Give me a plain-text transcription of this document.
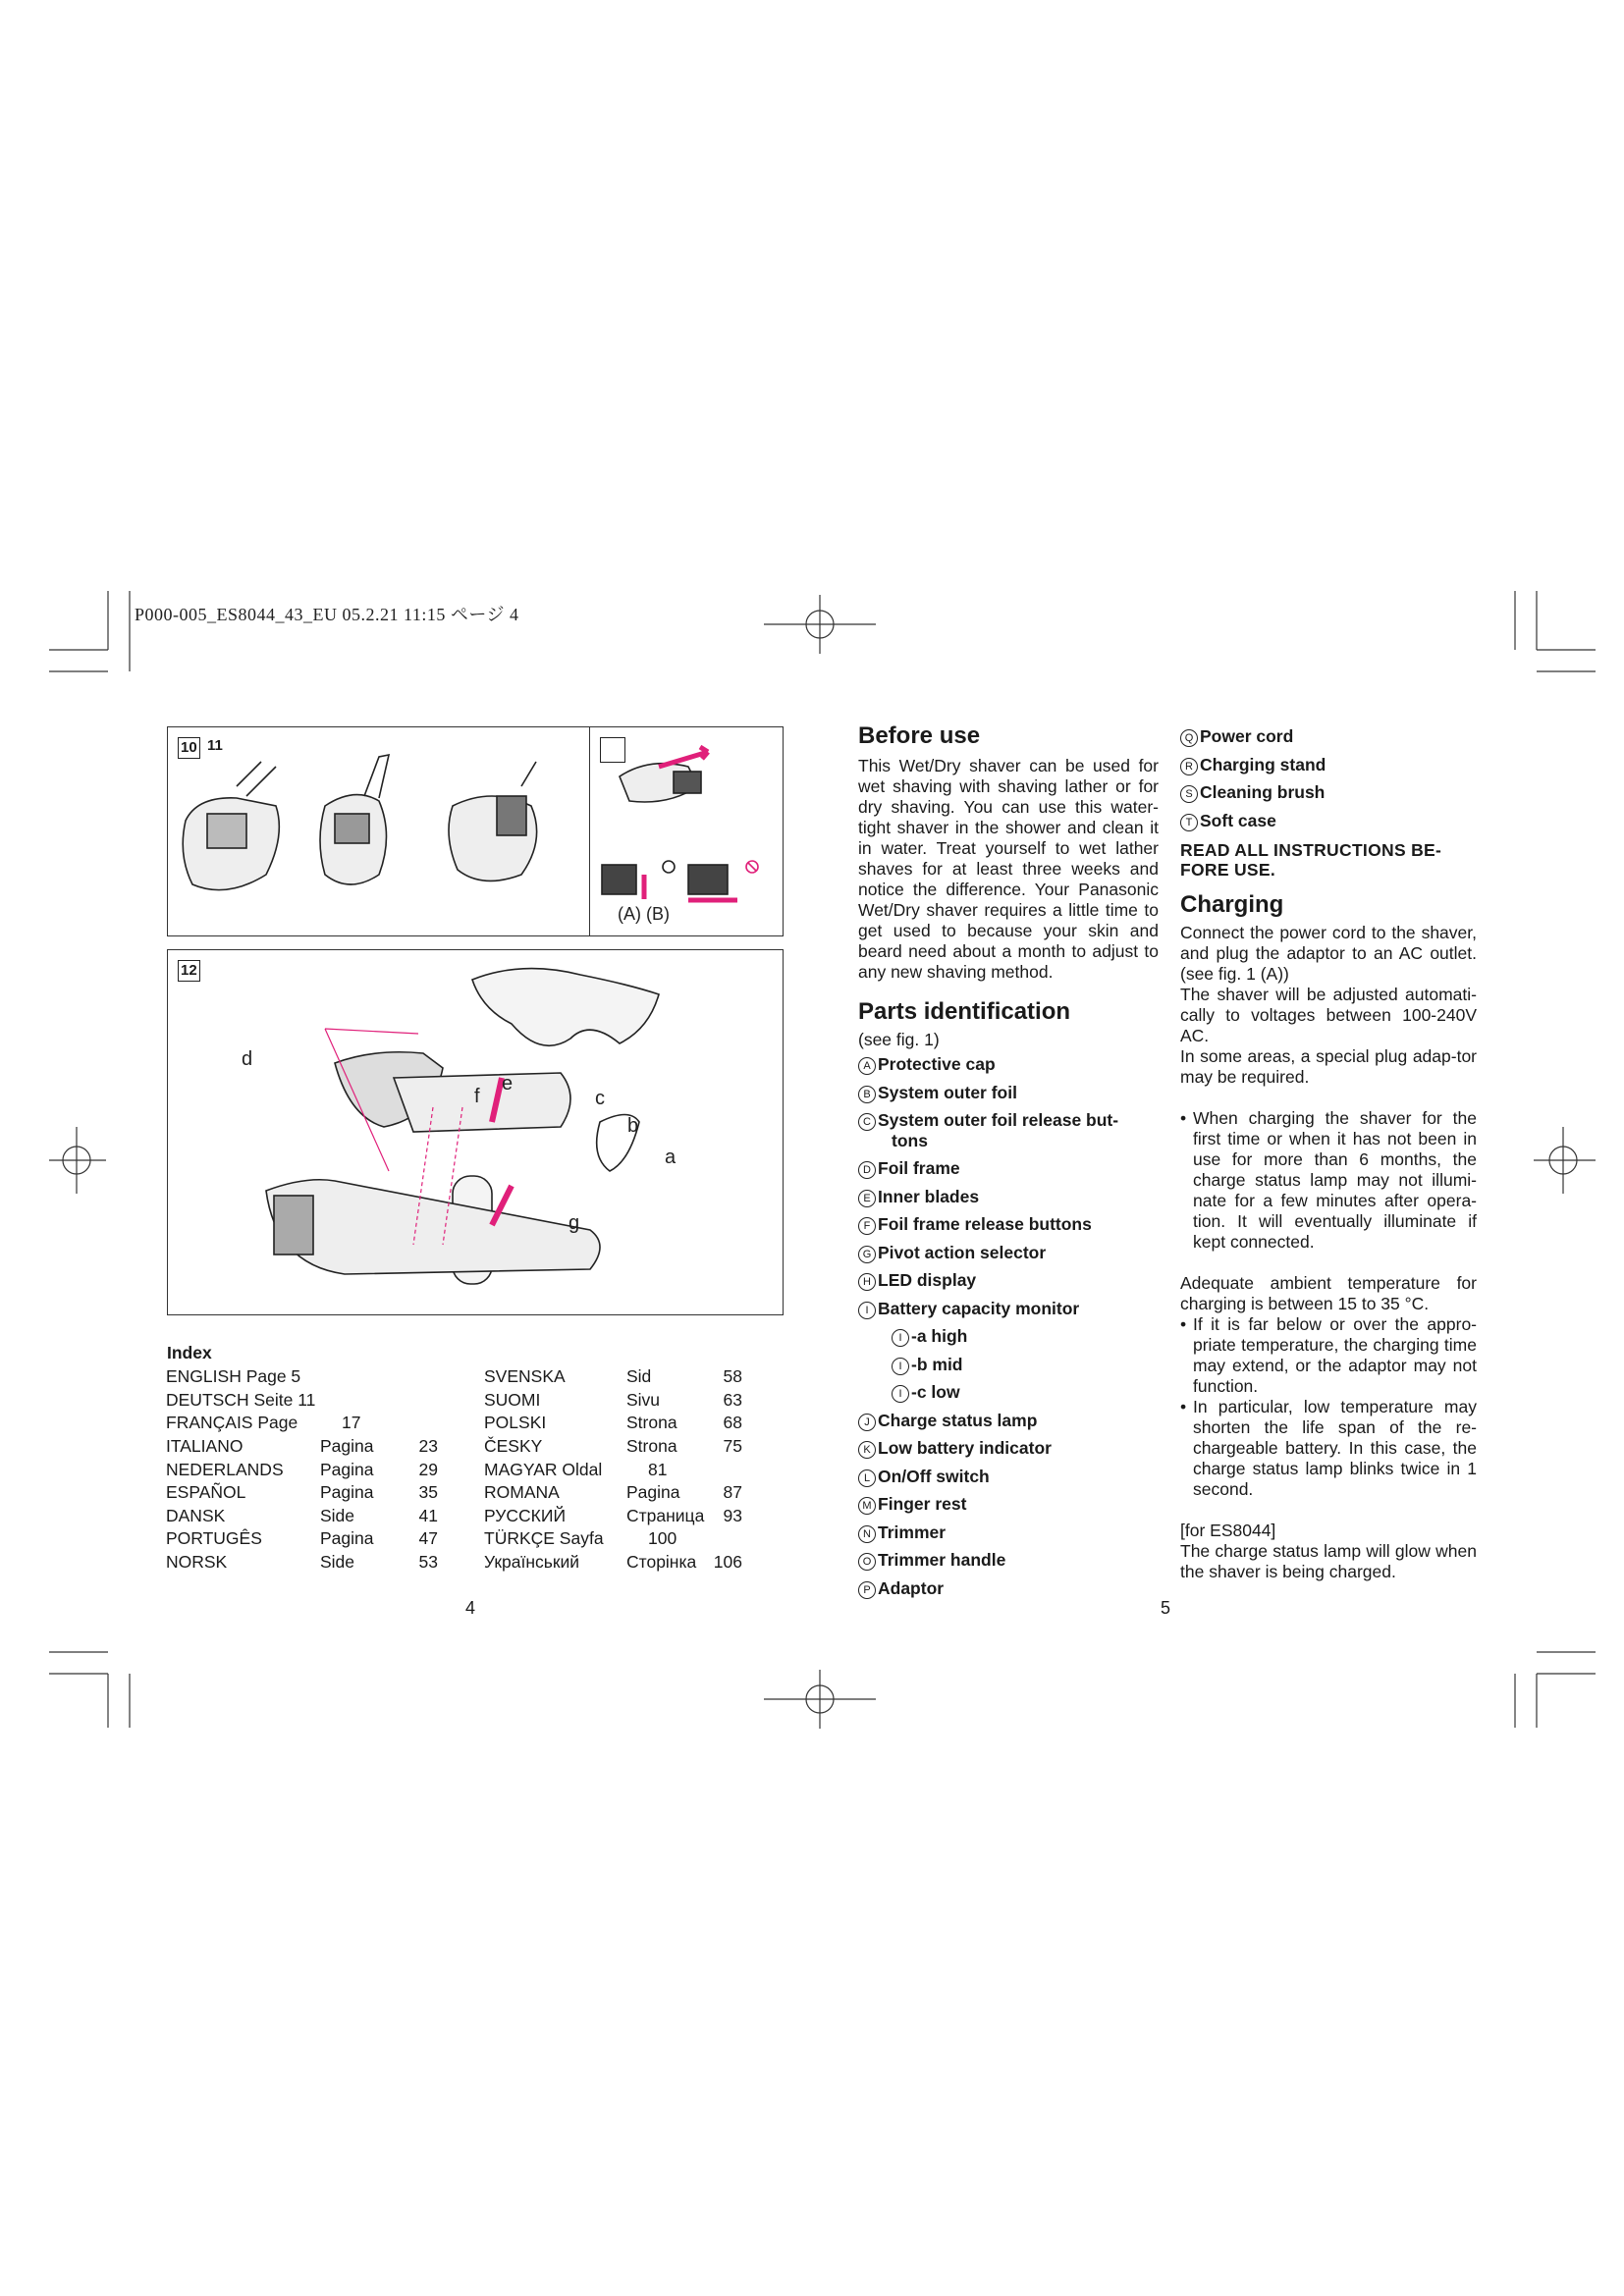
P000-005_ES8044_43_EU 05.2.21 11:15 ページ 4
10 11
(A) (B)
12
d
e
f	c
b
a
g
Index
ENGLISH Page 5		
DEUTSCH Seite 11		
FRANÇAIS Page	17	
ITALIANO	Pagina	23
NEDERLANDS	Pagina	29
ESPAÑOL	Pagina	35
DANSK	Side	41
PORTUGÊS	Pagina	47
NORSK	Side	53
SVENSKA	Sid	58
SUOMI	Sivu	63
POLSKI	Strona	68
ČESKY	Strona	75
MAGYAR Oldal	81	
ROMANA	Pagina	87
РУССКИЙ	Страница	93
TÜRKÇE Sayfa	100	
Українcький	Сторінка	106
4	5
Before use
This Wet/Dry shaver can be used for wet shaving with shaving lather or for dry shaving. You can use this water-tight shaver in the shower and clean it in water. Treat yourself to wet lather shaves for at least three weeks and notice the difference. Your Panasonic Wet/Dry shaver requires a little time to get used to because your skin and beard need about a month to adjust to any new shaving method.
Parts identification
(see fig. 1)
A Protective cap
B System outer foil
C System outer foil release but-
tons
D Foil frame
E Inner blades
F Foil frame release buttons
G Pivot action selector
H LED display
I Battery capacity monitor
I -a high
I -b mid
I -c low
J Charge status lamp
K Low battery indicator
L On/Off switch
M Finger rest
N Trimmer
O Trimmer handle
P Adaptor
Q Power cord
R Charging stand
S Cleaning brush
T Soft case
READ ALL INSTRUCTIONS BE-FORE USE.
Charging
Connect the power cord to the shaver, and plug the adaptor to an AC outlet. (see fig. 1 (A))
The shaver will be adjusted automati-cally to voltages between 100-240V AC.
In some areas, a special plug adap-tor may be required.
• When charging the shaver for the first time or when it has not been in use for more than 6 months, the charge status lamp may not illumi-nate for a few minutes after opera-tion. It will eventually illuminate if kept connected.
Adequate ambient temperature for charging is between 15 to 35 °C.
• If it is far below or over the appro-priate temperature, the charging time may extend, or the adaptor may not function.
• In particular, low temperature may shorten the life span of the re-chargeable battery. In this case, the charge status lamp blinks twice in 1 second.
[for ES8044]
The charge status lamp will glow when the shaver is being charged.
